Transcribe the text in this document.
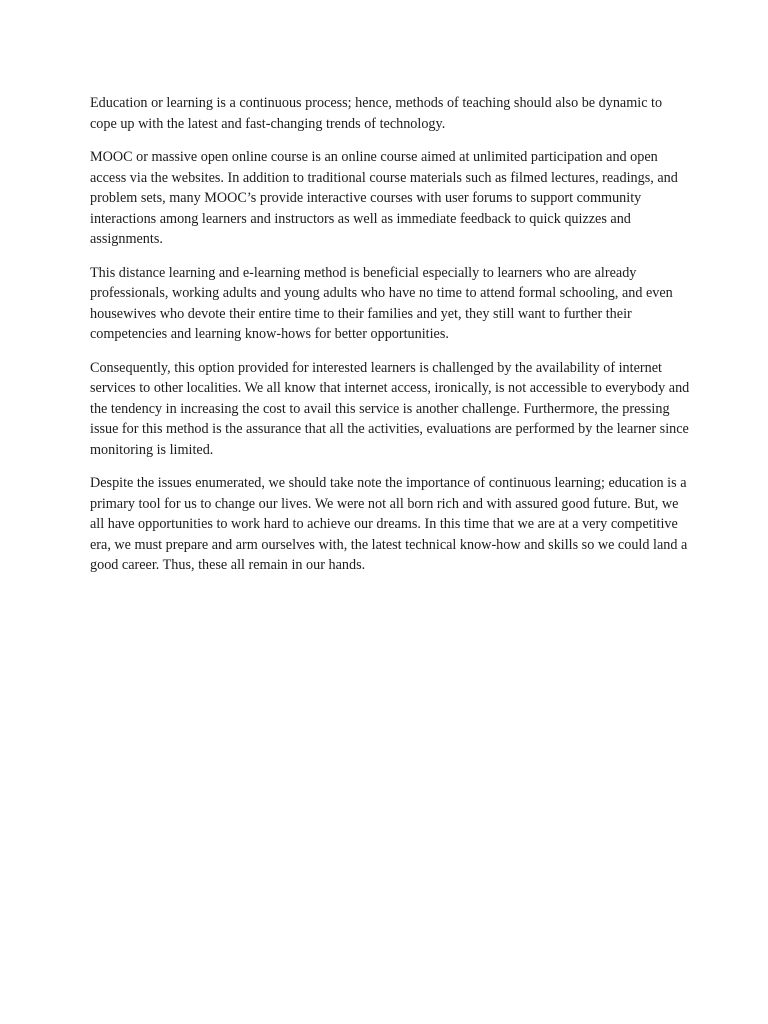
Education or learning is a continuous process; hence, methods of teaching should also be dynamic to cope up with the latest and fast-changing trends of technology.

MOOC or massive open online course is an online course aimed at unlimited participation and open access via the websites. In addition to traditional course materials such as filmed lectures, readings, and problem sets, many MOOC’s provide interactive courses with user forums to support community interactions among learners and instructors as well as immediate feedback to quick quizzes and assignments.

This distance learning and e-learning method is beneficial especially to learners who are already professionals, working adults and young adults who have no time to attend formal schooling, and even housewives who devote their entire time to their families and yet, they still want to further their competencies and learning know-hows for better opportunities.

Consequently, this option provided for interested learners is challenged by the availability of internet services to other localities. We all know that internet access, ironically, is not accessible to everybody and the tendency in increasing the cost to avail this service is another challenge. Furthermore, the pressing issue for this method is the assurance that all the activities, evaluations are performed by the learner since monitoring is limited.

Despite the issues enumerated, we should take note the importance of continuous learning; education is a primary tool for us to change our lives. We were not all born rich and with assured good future. But, we all have opportunities to work hard to achieve our dreams. In this time that we are at a very competitive era, we must prepare and arm ourselves with, the latest technical know-how and skills so we could land a good career. Thus, these all remain in our hands.
